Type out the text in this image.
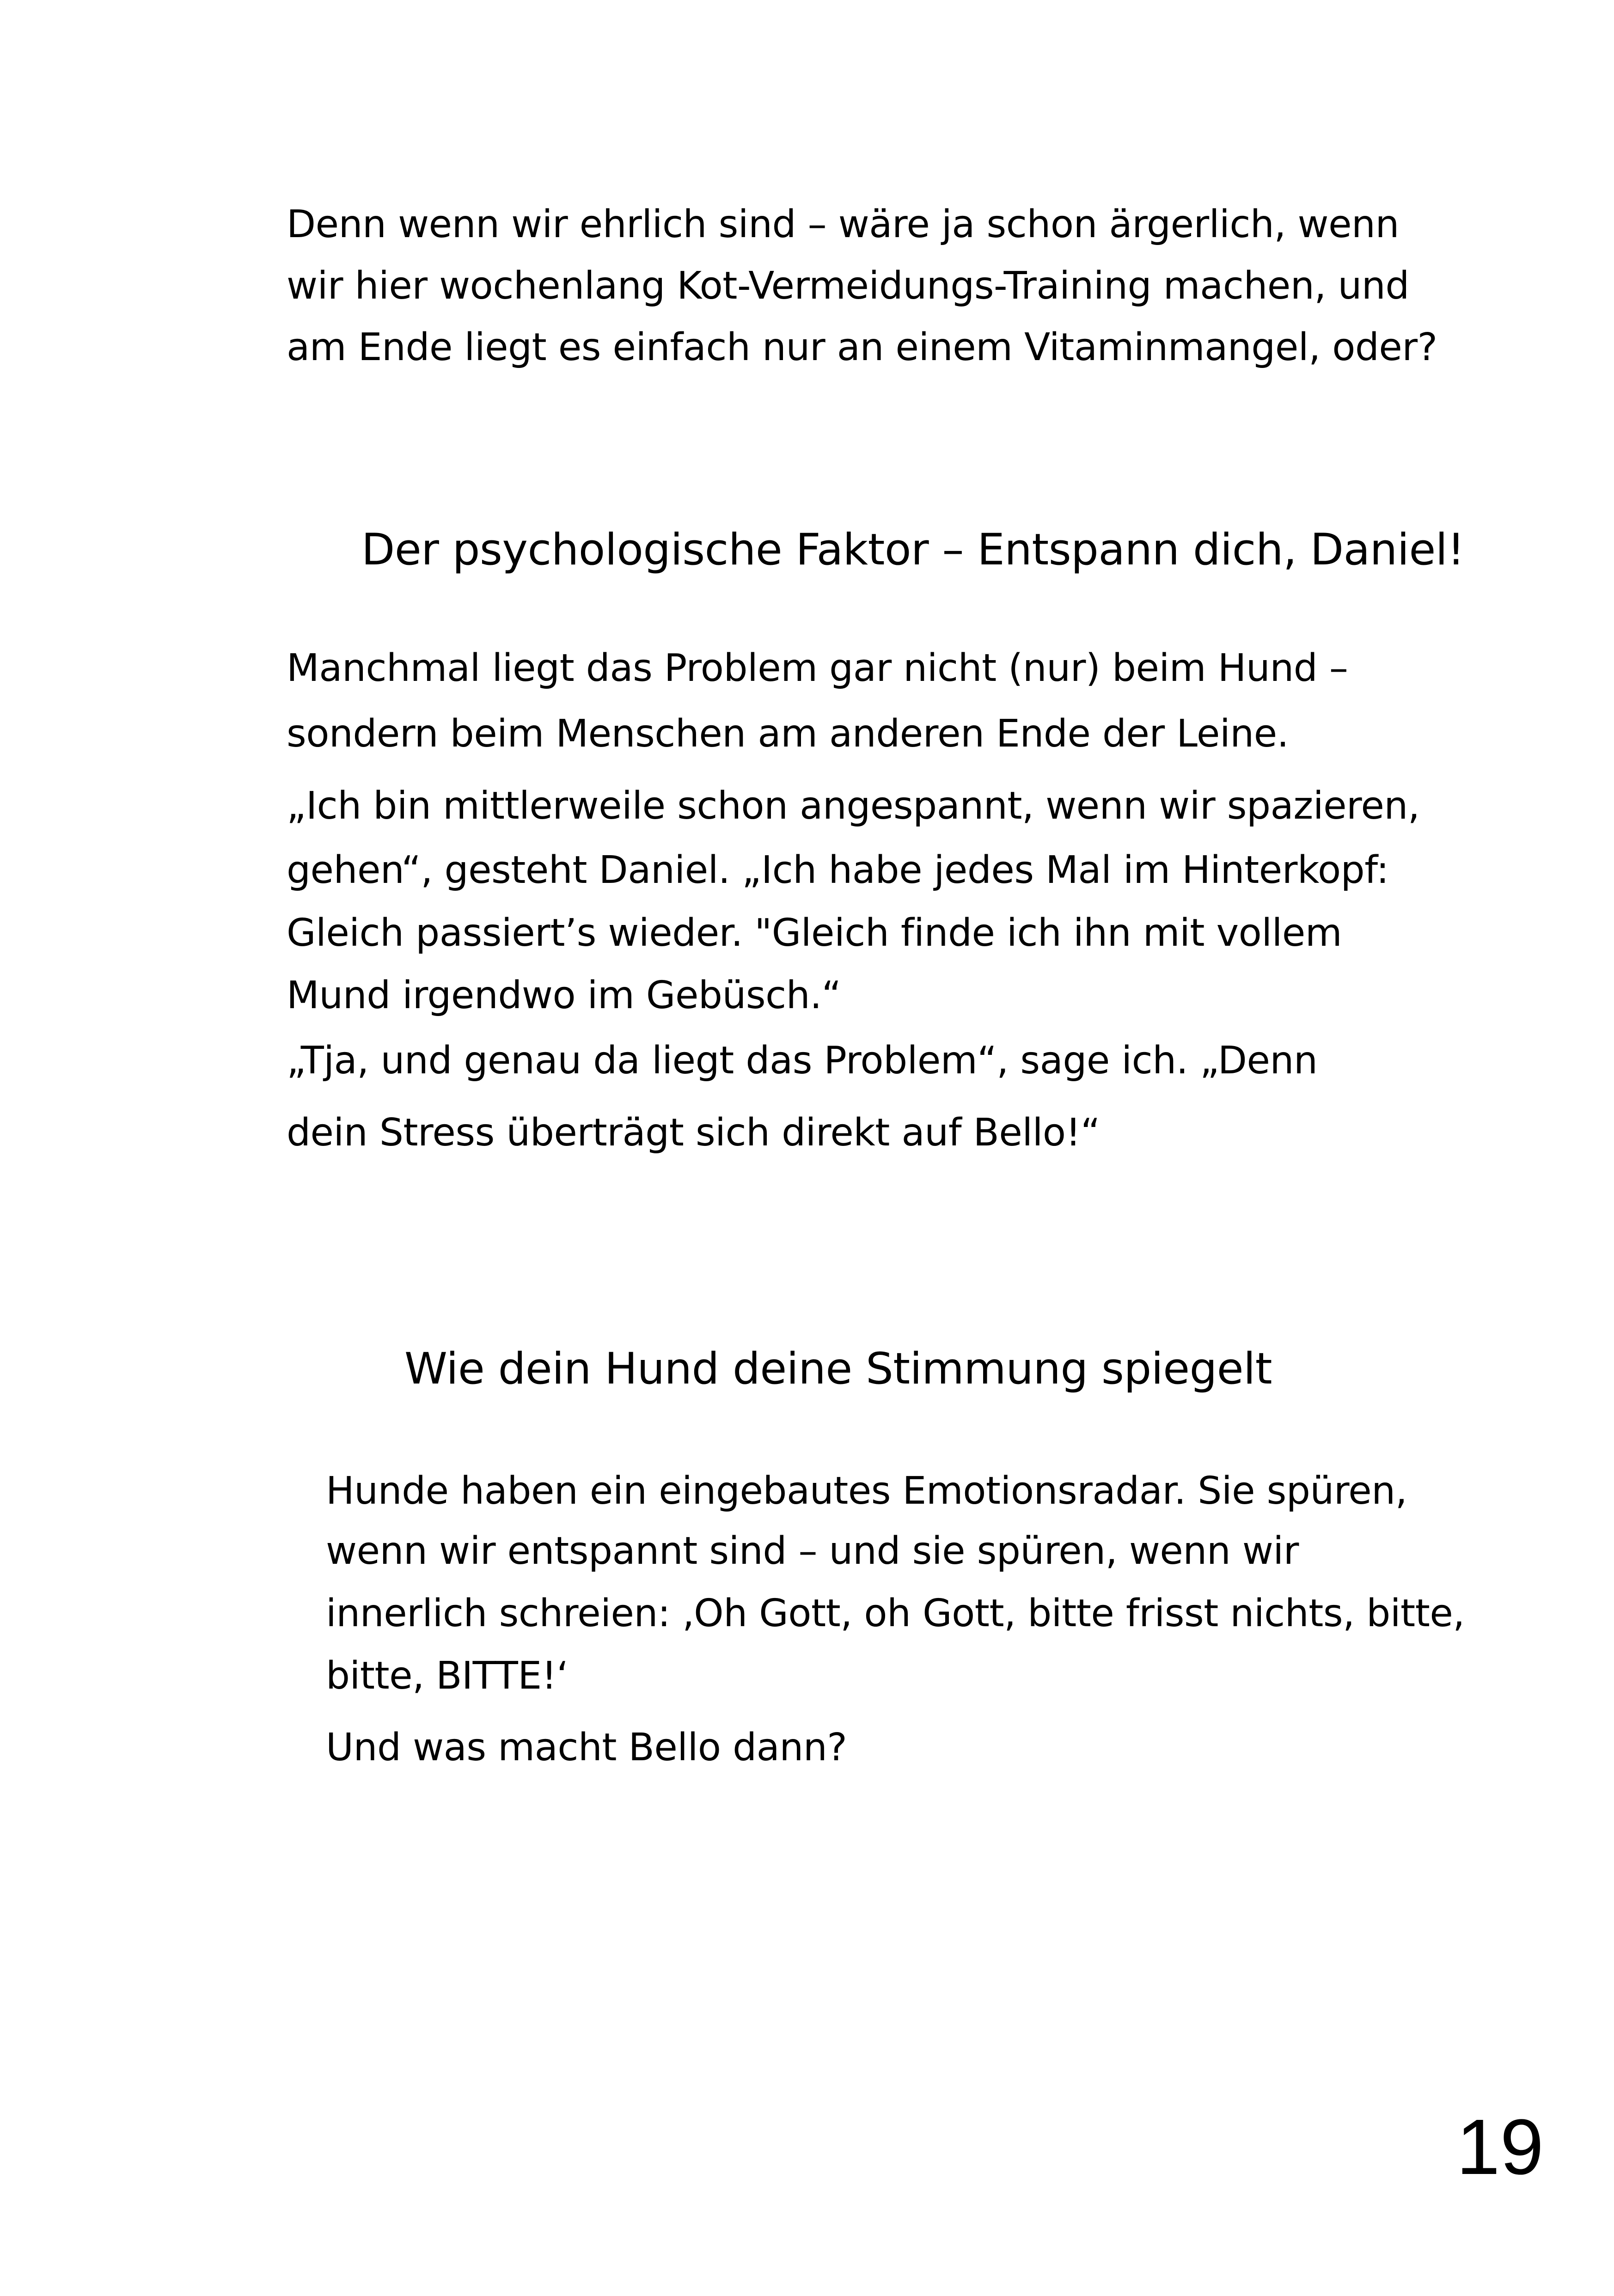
Denn wenn wir ehrlich sind – wäre ja schon ärgerlich, wenn
wir hier wochenlang Kot-Vermeidungs-Training machen, und
am Ende liegt es einfach nur an einem Vitaminmangel, oder?
Der psychologische Faktor – Entspann dich, Daniel!
Manchmal liegt das Problem gar nicht (nur) beim Hund –
sondern beim Menschen am anderen Ende der Leine.
„Ich bin mittlerweile schon angespannt, wenn wir spazieren,
gehen“, gesteht Daniel. „Ich habe jedes Mal im Hinterkopf:
Gleich passiert’s wieder. "Gleich finde ich ihn mit vollem
Mund irgendwo im Gebüsch.“
„Tja, und genau da liegt das Problem“, sage ich. „Denn
dein Stress überträgt sich direkt auf Bello!“
Wie dein Hund deine Stimmung spiegelt
Hunde haben ein eingebautes Emotionsradar. Sie spüren,
wenn wir entspannt sind – und sie spüren, wenn wir
innerlich schreien: ‚Oh Gott, oh Gott, bitte frisst nichts, bitte,
bitte, BITTE!‘
Und was macht Bello dann?
19
